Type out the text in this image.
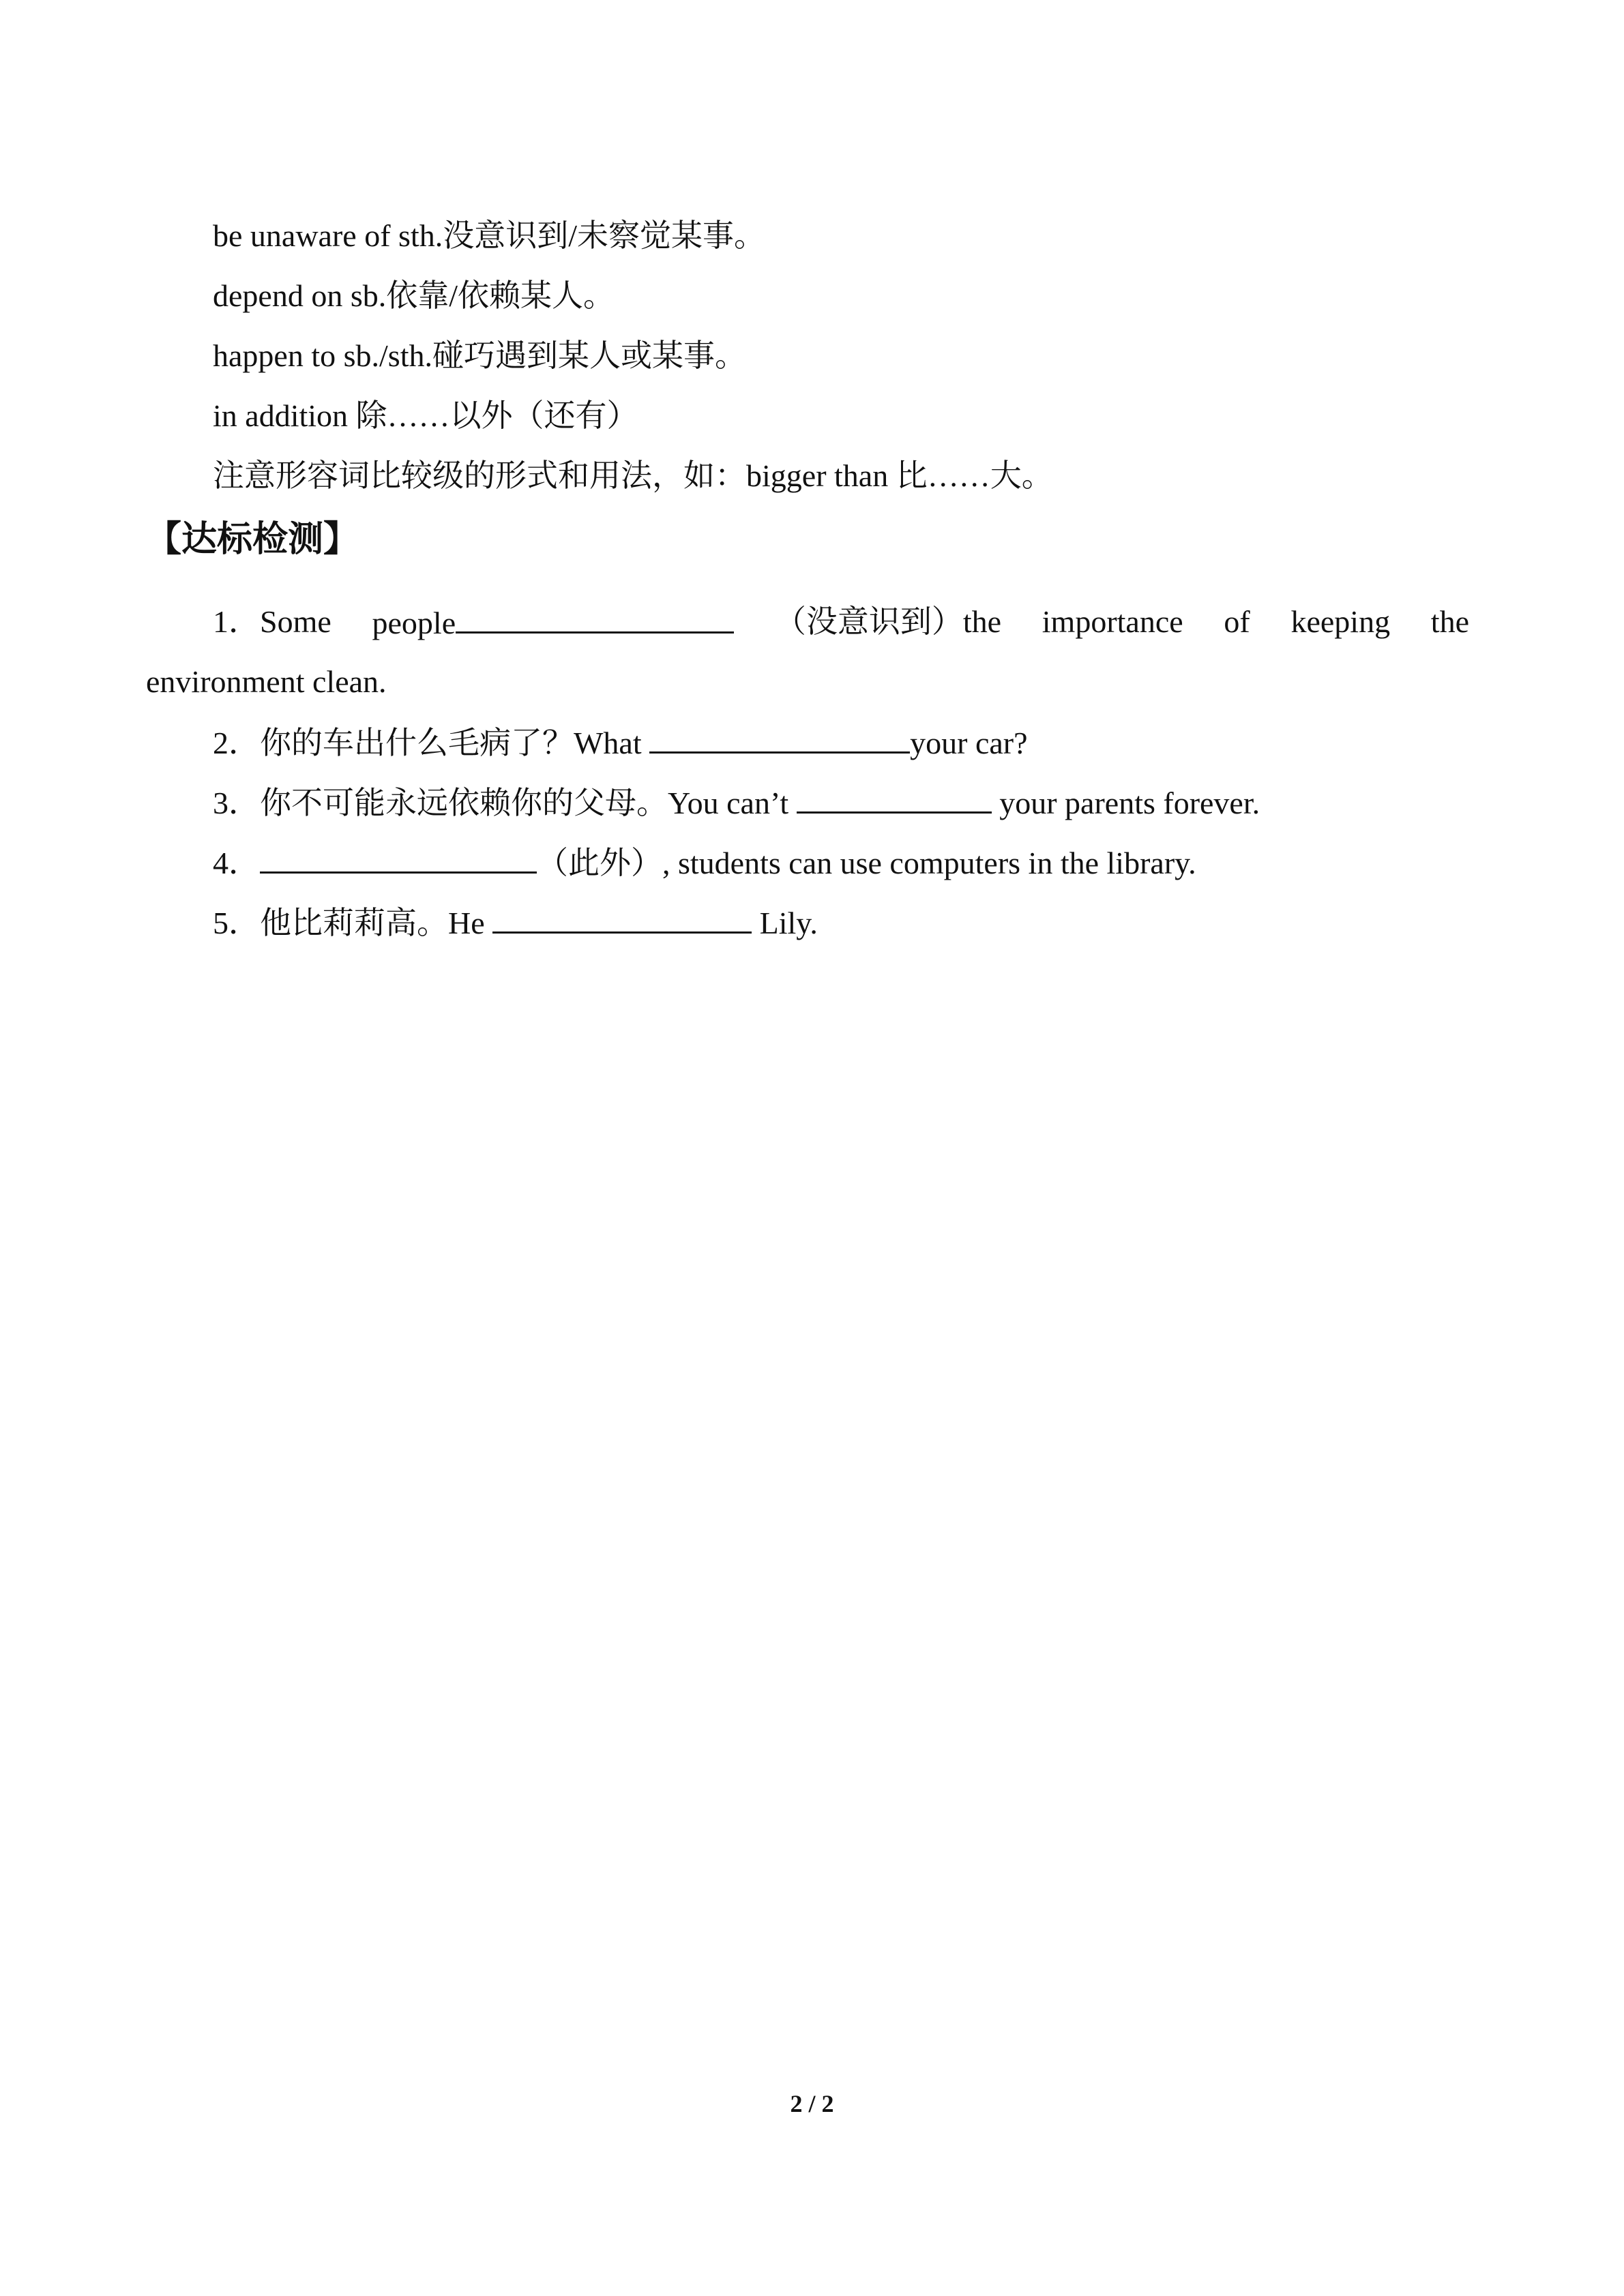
be unaware of sth.没意识到/未察觉某事。
depend on sb.依靠/依赖某人。
happen to sb./sth.碰巧遇到某人或某事。
in addition 除……以外（还有）
注意形容词比较级的形式和用法，如：bigger than 比……大。
【达标检测】
1．Some people	（没意识到）the importance of keeping the
environment clean.
2．你的车出什么毛病了？What	your car?
3．你不可能永远依赖你的父母。You can’t	your parents forever.
4．	（此外）, students can use computers in the library.
5．他比莉莉高。He	Lily.
2 / 2
